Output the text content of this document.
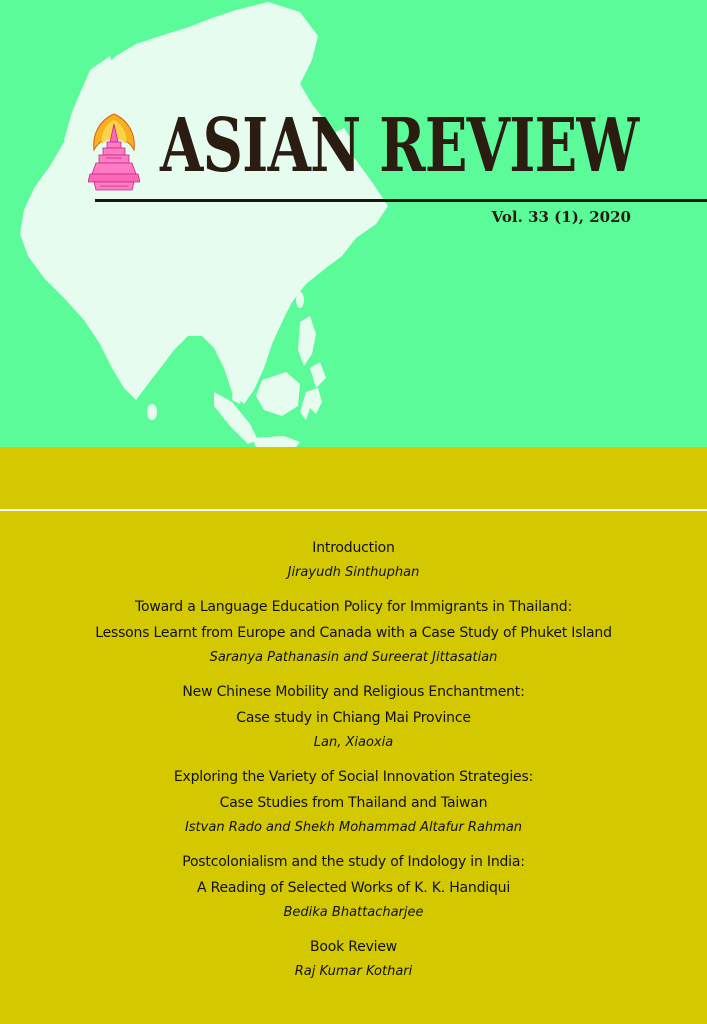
ASIAN REVIEW
Vol. 33 (1), 2020
Introduction
Jirayudh Sinthuphan
Toward a Language Education Policy for Immigrants in Thailand:
Lessons Learnt from Europe and Canada with a Case Study of Phuket Island
Saranya Pathanasin and Sureerat Jittasatian
New Chinese Mobility and Religious Enchantment:
Case study in Chiang Mai Province
Lan, Xiaoxia
Exploring the Variety of Social Innovation Strategies:
Case Studies from Thailand and Taiwan
Istvan Rado and Shekh Mohammad Altafur Rahman
Postcolonialism and the study of Indology in India:
A Reading of Selected Works of K. K. Handiqui
Bedika Bhattacharjee
Book Review
Raj Kumar Kothari
